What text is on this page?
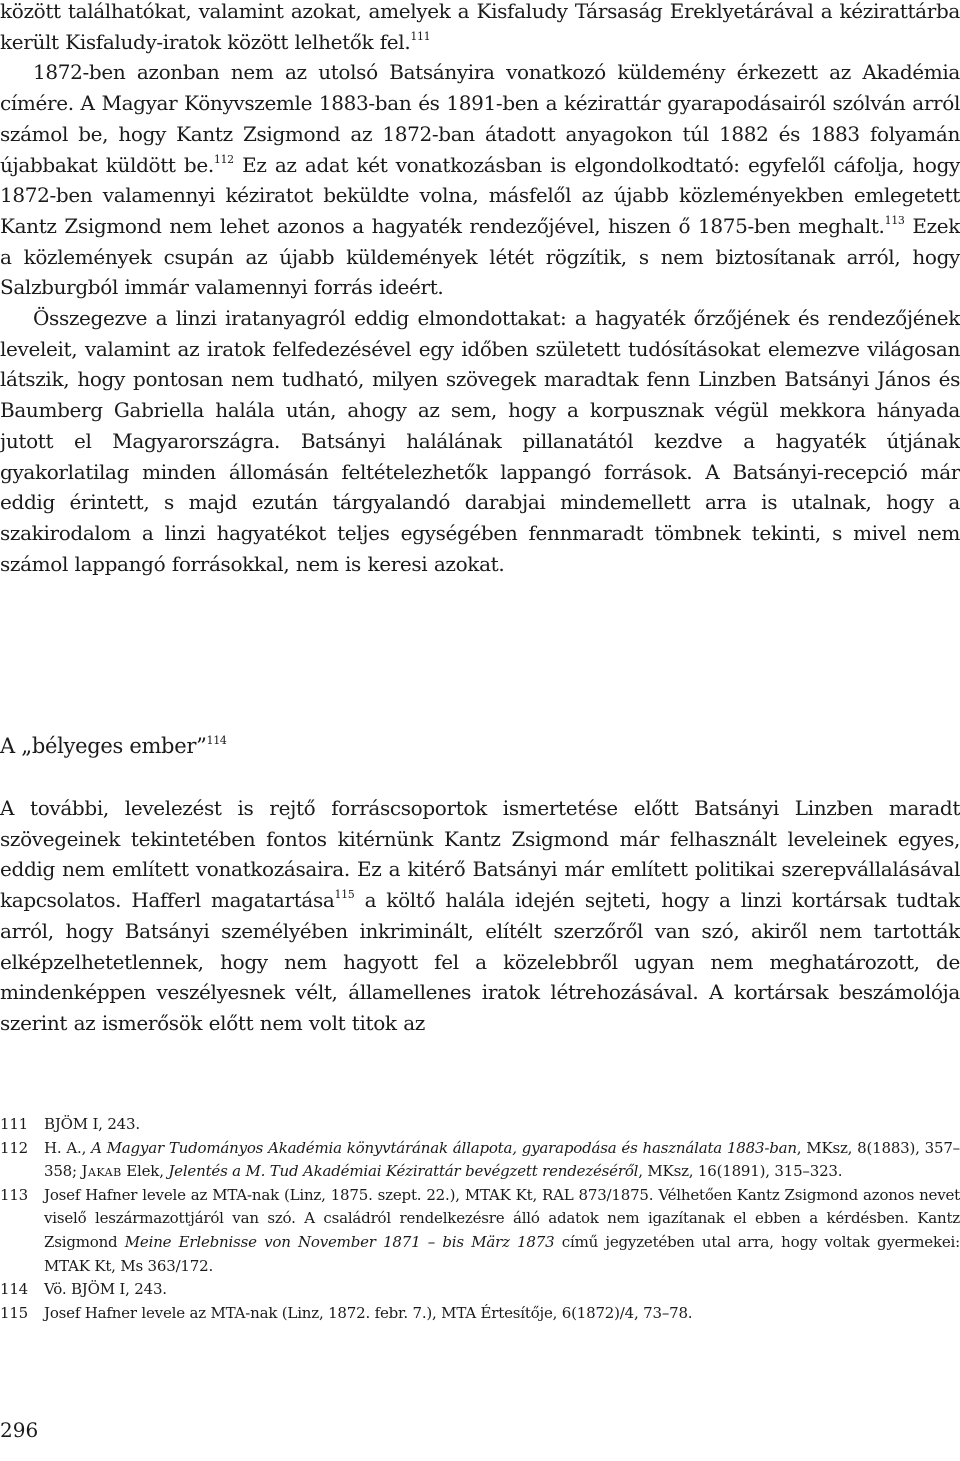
között találhatókat, valamint azokat, amelyek a Kisfaludy Társaság Ereklyetárával a kézirattárba került Kisfaludy-iratok között lelhetők fel.$^{111}$

1872-ben azonban nem az utolsó Batsányira vonatkozó küldemény érkezett az Akadémia címére. A Magyar Könyvszemle 1883-ban és 1891-ben a kézirattár gyarapodásairól szólván arról számol be, hogy Kantz Zsigmond az 1872-ban átadott anyagokon túl 1882 és 1883 folyamán újabbakat küldött be.$^{112}$ Ez az adat két vonatkozásban is elgondolkodtató: egyfelől cáfolja, hogy 1872-ben valamennyi kéziratot beküldte volna, másfelől az újabb közleményekben emlegetett Kantz Zsigmond nem lehet azonos a hagyaték rendezőjével, hiszen ő 1875-ben meghalt.$^{113}$ Ezek a közlemények csupán az újabb küldemények létét rögzítik, s nem biztosítanak arról, hogy Salzburgból immár valamennyi forrás ideért.

Összegezve a linzi iratanyagról eddig elmondottakat: a hagyaték őrzőjének és rendezőjének leveleit, valamint az iratok felfedezésével egy időben született tudósításokat elemezve világosan látszik, hogy pontosan nem tudható, milyen szövegek maradtak fenn Linzben Batsányi János és Baumberg Gabriella halála után, ahogy az sem, hogy a korpusznak végül mekkora hányada jutott el Magyarországra. Batsányi halálának pillanatától kezdve a hagyaték útjának gyakorlatilag minden állomásán feltételezhetők lappangó források. A Batsányi-recepció már eddig érintett, s majd ezután tárgyalandó darabjai mindemellett arra is utalnak, hogy a szakirodalom a linzi hagyatékot teljes egységében fennmaradt tömbnek tekinti, s mivel nem számol lappangó forrásokkal, nem is keresi azokat.

A „bélyeges ember”$^{114}$

A további, levelezést is rejtő forráscsoportok ismertetése előtt Batsányi Linzben maradt szövegeinek tekintetében fontos kitérnünk Kantz Zsigmond már felhasznált leveleinek egyes, eddig nem említett vonatkozásaira. Ez a kitérő Batsányi már említett politikai szerepvállalásával kapcsolatos. Hafferl magatartása$^{115}$ a költő halála idején sejteti, hogy a linzi kortársak tudtak arról, hogy Batsányi személyében inkriminált, elítélt szerzőről van szó, akiről nem tartották elképzelhetetlennek, hogy nem hagyott fel a közelebbről ugyan nem meghatározott, de mindenképpen veszélyesnek vélt, államellenes iratok létrehozásával. A kortársak beszámolója szerint az ismerősök előtt nem volt titok az

111	BJÖM I, 243.
112	H. A., A Magyar Tudományos Akadémia könyvtárának állapota, gyarapodása és használata 1883-ban, MKsz, 8(1883), 357–358; Jakab Elek, Jelentés a M. Tud Akadémiai Kézirattár bevégzett rendezéséről, MKsz, 16(1891), 315–323.
113	Josef Hafner levele az MTA-nak (Linz, 1875. szept. 22.), MTAK Kt, RAL 873/1875. Vélhetően Kantz Zsigmond azonos nevet viselő leszármazottjáról van szó. A családról rendelkezésre álló adatok nem igazítanak el ebben a kérdésben. Kantz Zsigmond Meine Erlebnisse von November 1871 – bis März 1873 című jegyzetében utal arra, hogy voltak gyermekei: MTAK Kt, Ms 363/172.
114	Vö. BJÖM I, 243.
115	Josef Hafner levele az MTA-nak (Linz, 1872. febr. 7.), MTA Értesítője, 6(1872)/4, 73–78.

296
